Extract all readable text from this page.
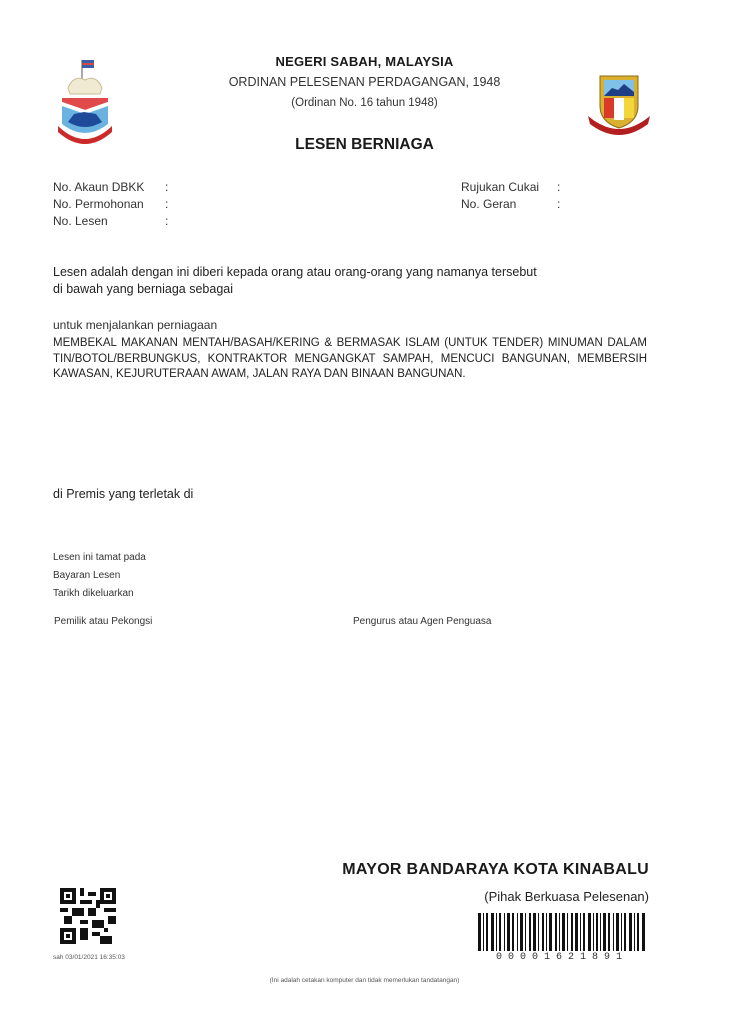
NEGERI SABAH, MALAYSIA
ORDINAN PELESENAN PERDAGANGAN, 1948
(Ordinan No. 16 tahun 1948)
LESEN BERNIAGA
No. Akaun DBKK :
No. Permohonan :
No. Lesen	:
Rujukan Cukai :
No. Geran	:
Lesen adalah dengan ini diberi kepada orang atau orang-orang yang namanya tersebut
di bawah yang berniaga sebagai
untuk menjalankan perniagaan
MEMBEKAL MAKANAN MENTAH/BASAH/KERING & BERMASAK ISLAM (UNTUK TENDER) MINUMAN DALAM TIN/BOTOL/BERBUNGKUS, KONTRAKTOR MENGANGKAT SAMPAH, MENCUCI BANGUNAN, MEMBERSIH KAWASAN, KEJURUTERAAN AWAM, JALAN RAYA DAN BINAAN BANGUNAN.
di Premis yang terletak di
Lesen ini tamat pada
Bayaran Lesen
Tarikh dikeluarkan
Pemilik atau Pekongsi	Pengurus atau Agen Penguasa
MAYOR BANDARAYA KOTA KINABALU
(Pihak Berkuasa Pelesenan)
sah 03/01/2021 16:35:03	00001621891
(Ini adalah cetakan komputer dan tidak memerlukan tandatangan)
